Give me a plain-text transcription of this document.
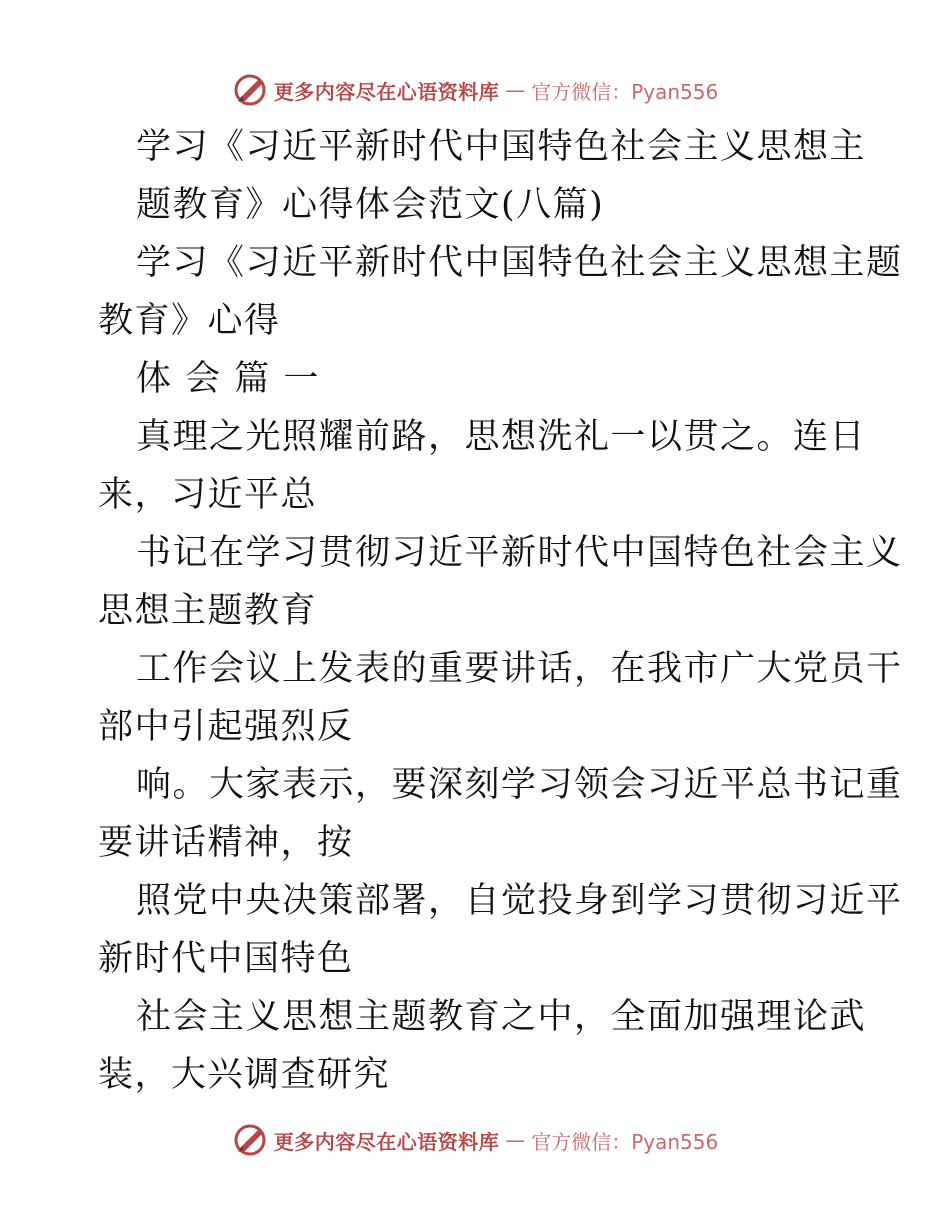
更多内容尽在心语资料库 — 官方微信：Pyan556
学习《习近平新时代中国特色社会主义思想主
题教育》心得体会范文(八篇)
学习《习近平新时代中国特色社会主义思想主题
教育》心得
体 会 篇 一
真理之光照耀前路，思想洗礼一以贯之。连日
来，习近平总
书记在学习贯彻习近平新时代中国特色社会主义
思想主题教育
工作会议上发表的重要讲话，在我市广大党员干
部中引起强烈反
响。大家表示，要深刻学习领会习近平总书记重
要讲话精神，按
照党中央决策部署，自觉投身到学习贯彻习近平
新时代中国特色
社会主义思想主题教育之中，全面加强理论武
装，大兴调查研究
更多内容尽在心语资料库 — 官方微信：Pyan556
